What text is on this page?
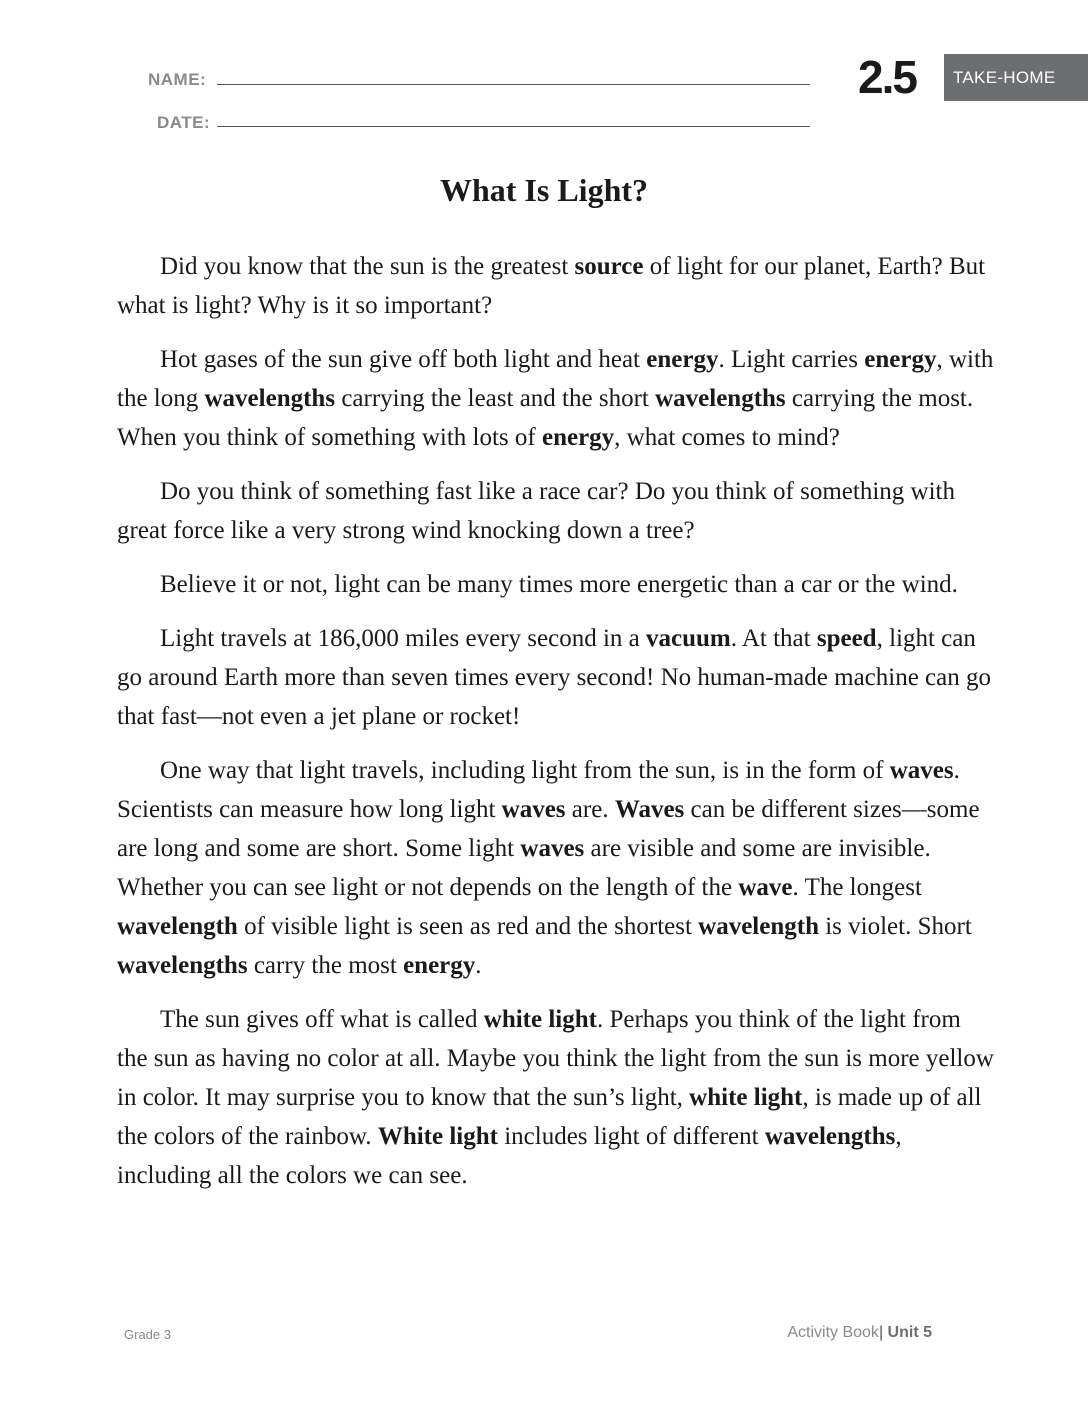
NAME:
DATE:
2.5	TAKE-HOME
What Is Light?

Did you know that the sun is the greatest source of light for our planet, Earth? But what is light? Why is it so important?

Hot gases of the sun give off both light and heat energy. Light carries energy, with the long wavelengths carrying the least and the short wavelengths carrying the most. When you think of something with lots of energy, what comes to mind?

Do you think of something fast like a race car? Do you think of something with great force like a very strong wind knocking down a tree?

Believe it or not, light can be many times more energetic than a car or the wind.

Light travels at 186,000 miles every second in a vacuum. At that speed, light can go around Earth more than seven times every second! No human-made machine can go that fast—not even a jet plane or rocket!

One way that light travels, including light from the sun, is in the form of waves. Scientists can measure how long light waves are. Waves can be different sizes—some are long and some are short. Some light waves are visible and some are invisible. Whether you can see light or not depends on the length of the wave. The longest wavelength of visible light is seen as red and the shortest wavelength is violet. Short wavelengths carry the most energy.

The sun gives off what is called white light. Perhaps you think of the light from the sun as having no color at all. Maybe you think the light from the sun is more yellow in color. It may surprise you to know that the sun’s light, white light, is made up of all the colors of the rainbow. White light includes light of different wavelengths, including all the colors we can see.

Grade 3	Activity Book| Unit 5
